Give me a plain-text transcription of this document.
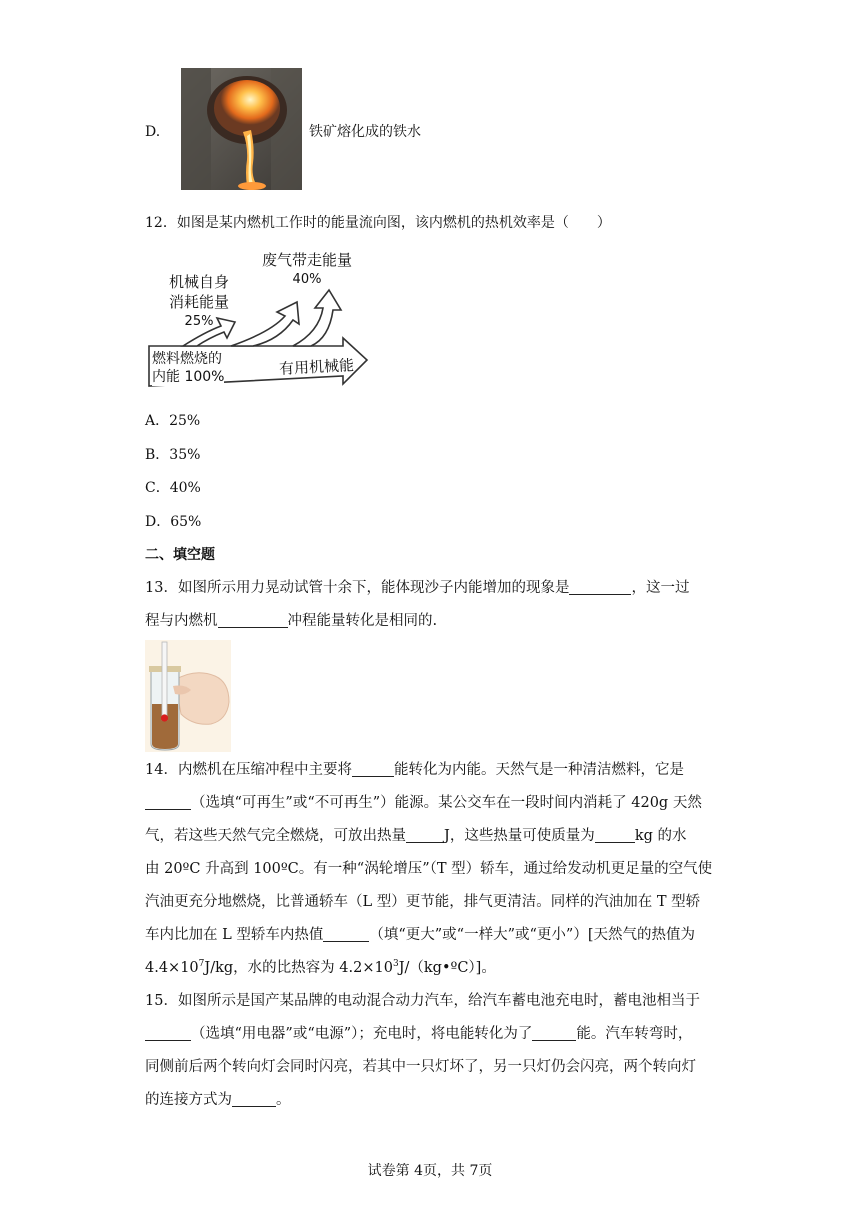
D.	铁矿熔化成的铁水
12．如图是某内燃机工作时的能量流向图，该内燃机的热机效率是（　　）
机械自身
消耗能量
25%
废气带走能量
40%
燃料燃烧的
内能 100%	有用机械能
A．25%
B．35%
C．40%
D．65%
二、填空题
13．如图所示用力晃动试管十余下，能体现沙子内能增加的现象是	，这一过
程与内燃机	冲程能量转化是相同的.
14．内燃机在压缩冲程中主要将	能转化为内能。天然气是一种清洁燃料，它是
（选填“可再生”或“不可再生”）能源。某公交车在一段时间内消耗了 420g 天然
气，若这些天然气完全燃烧，可放出热量	J，这些热量可使质量为	kg 的水
由 20ºC 升高到 100ºC。有一种“涡轮增压”（T 型）轿车，通过给发动机更足量的空气使
汽油更充分地燃烧，比普通轿车（L 型）更节能，排气更清洁。同样的汽油加在 T 型轿
车内比加在 L 型轿车内热值	（填“更大”或“一样大”或“更小”）[天然气的热值为
$4.4\times 10^7J/kg$，水的比热容为 $4.2\times 10^3J/(kg•ºC)$]。
15．如图所示是国产某品牌的电动混合动力汽车，给汽车蓄电池充电时，蓄电池相当于
（选填“用电器”或“电源”）；充电时，将电能转化为了	能。汽车转弯时，
同侧前后两个转向灯会同时闪亮，若其中一只灯坏了，另一只灯仍会闪亮，两个转向灯
的连接方式为	。
试卷第 4页，共 7页
